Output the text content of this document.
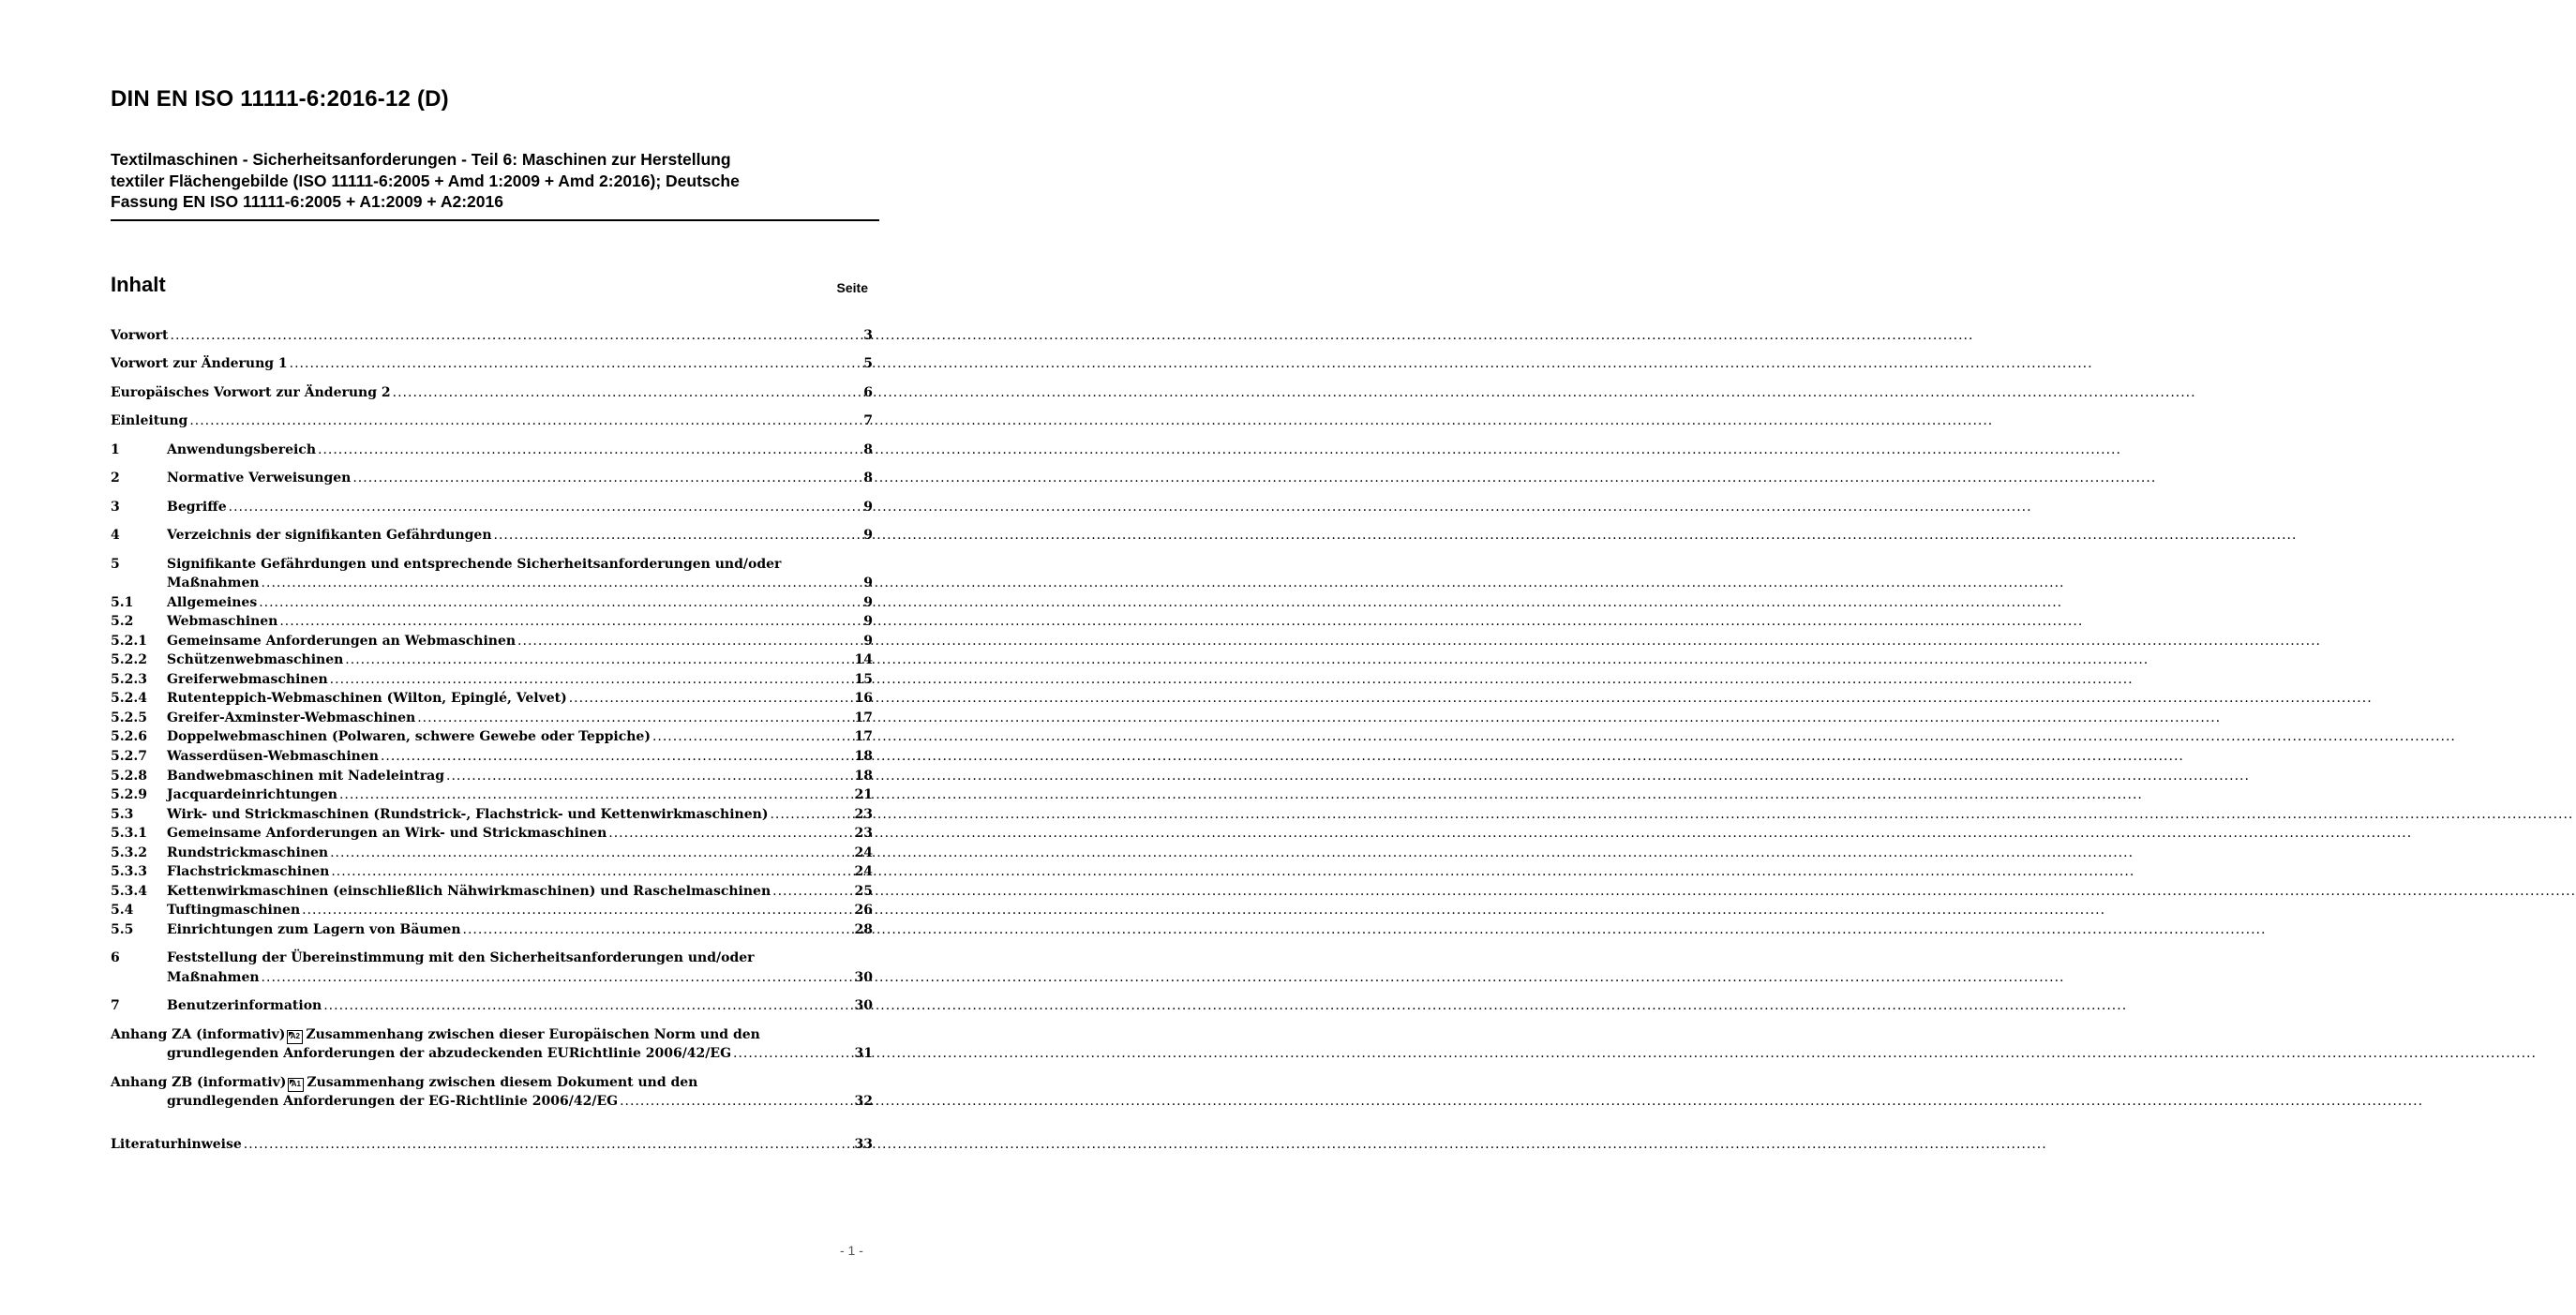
DIN EN ISO 11111-6:2016-12 (D)
Textilmaschinen - Sicherheitsanforderungen - Teil 6: Maschinen zur Herstellung
textiler Flächengebilde (ISO 11111-6:2005 + Amd 1:2009 + Amd 2:2016); Deutsche
Fassung EN ISO 11111-6:2005 + A1:2009 + A2:2016
Inhalt	Seite
Vorwort .....	3
Vorwort zur Änderung 1 .....	5
Europäisches Vorwort zur Änderung 2 .....	6
Einleitung .....	7
1	Anwendungsbereich .....	8
2	Normative Verweisungen .....	8
3	Begriffe .....	9
4	Verzeichnis der signifikanten Gefährdungen .....	9
5	Signifikante Gefährdungen und entsprechende Sicherheitsanforderungen und/oder
Maßnahmen .....	9
5.1	Allgemeines .....	9
5.2	Webmaschinen .....	9
5.2.1	Gemeinsame Anforderungen an Webmaschinen .....	9
5.2.2	Schützenwebmaschinen .....	14
5.2.3	Greiferwebmaschinen .....	15
5.2.4	Rutenteppich-Webmaschinen (Wilton, Epinglé, Velvet) .....	16
5.2.5	Greifer-Axminster-Webmaschinen .....	17
5.2.6	Doppelwebmaschinen (Polwaren, schwere Gewebe oder Teppiche) .....	17
5.2.7	Wasserdüsen-Webmaschinen .....	18
5.2.8	Bandwebmaschinen mit Nadeleintrag .....	18
5.2.9	Jacquardeinrichtungen .....	21
5.3	Wirk- und Strickmaschinen (Rundstrick-, Flachstrick- und Kettenwirkmaschinen) .....	23
5.3.1	Gemeinsame Anforderungen an Wirk- und Strickmaschinen .....	23
5.3.2	Rundstrickmaschinen .....	24
5.3.3	Flachstrickmaschinen .....	24
5.3.4	Kettenwirkmaschinen (einschließlich Nähwirkmaschinen) und Raschelmaschinen .....	25
5.4	Tuftingmaschinen .....	26
5.5	Einrichtungen zum Lagern von Bäumen .....	28
6	Feststellung der Übereinstimmung mit den Sicherheitsanforderungen und/oder
Maßnahmen .....	30
7	Benutzerinformation .....	30
Anhang ZA (informativ) A2 Zusammenhang zwischen dieser Europäischen Norm und den
grundlegenden Anforderungen der abzudeckenden EURichtlinie 2006/42/EG .....	31
Anhang ZB (informativ) A1 Zusammenhang zwischen diesem Dokument und den
grundlegenden Anforderungen der EG-Richtlinie 2006/42/EG .....	32
Literaturhinweise .....	33
- 1 -
